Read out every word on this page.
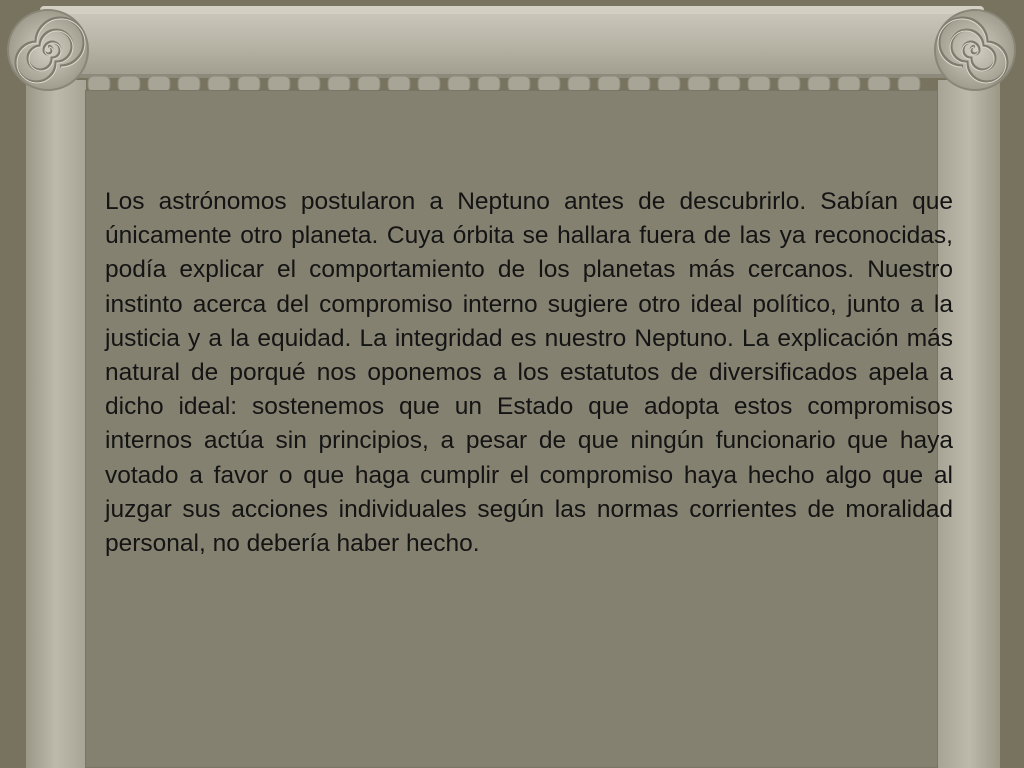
Los astrónomos postularon a Neptuno antes de descubrirlo. Sabían que únicamente otro planeta. Cuya órbita se hallara fuera de las ya reconocidas, podía explicar el comportamiento de los planetas más cercanos. Nuestro instinto acerca del compromiso interno sugiere otro ideal político, junto a la justicia y a la equidad. La integridad es nuestro Neptuno. La explicación más natural de porqué nos oponemos a los estatutos de diversificados apela a dicho ideal: sostenemos que un Estado que adopta estos compromisos internos actúa sin principios, a pesar de que ningún funcionario que haya votado a favor o que haga cumplir el compromiso haya hecho algo que al juzgar sus acciones individuales según las normas corrientes de moralidad personal, no debería haber hecho.
